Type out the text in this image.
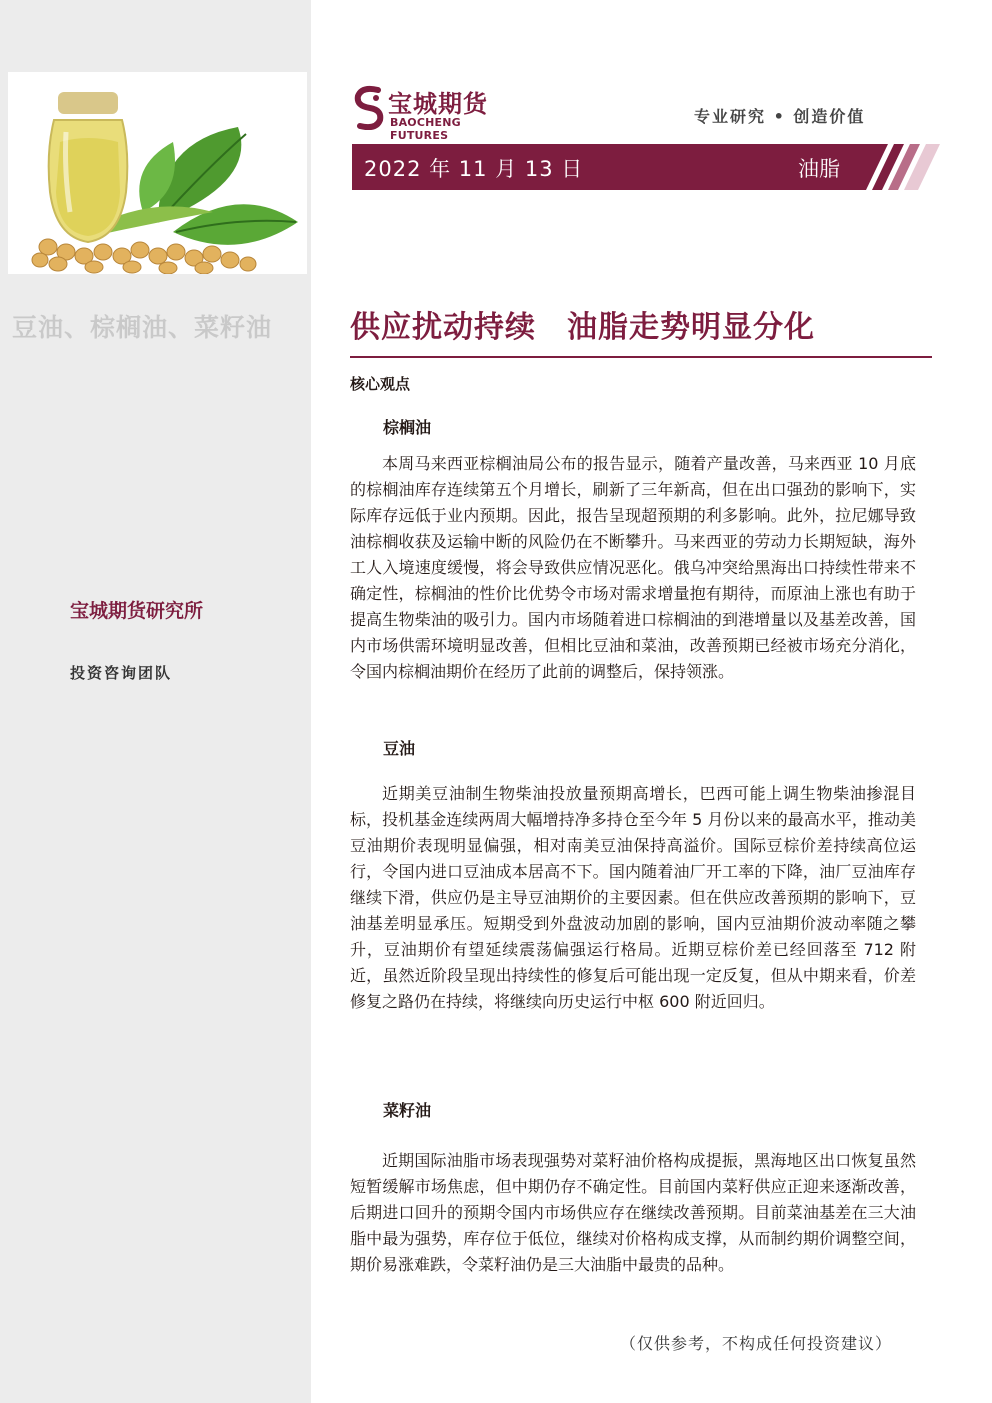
豆油、棕榈油、菜籽油
宝城期货研究所
投资咨询团队
宝城期货
BAOCHENG FUTURES
专业研究 • 创造价值
2022 年 11 月 13 日	油脂
供应扰动持续　油脂走势明显分化
核心观点
棕榈油

本周马来西亚棕榈油局公布的报告显示，随着产量改善，马来西亚 10 月底的棕榈油库存连续第五个月增长，刷新了三年新高，但在出口强劲的影响下，实际库存远低于业内预期。因此，报告呈现超预期的利多影响。此外，拉尼娜导致油棕榈收获及运输中断的风险仍在不断攀升。马来西亚的劳动力长期短缺，海外工人入境速度缓慢，将会导致供应情况恶化。俄乌冲突给黑海出口持续性带来不确定性，棕榈油的性价比优势令市场对需求增量抱有期待，而原油上涨也有助于提高生物柴油的吸引力。国内市场随着进口棕榈油的到港增量以及基差改善，国内市场供需环境明显改善，但相比豆油和菜油，改善预期已经被市场充分消化，令国内棕榈油期价在经历了此前的调整后，保持领涨。

豆油

近期美豆油制生物柴油投放量预期高增长，巴西可能上调生物柴油掺混目标，投机基金连续两周大幅增持净多持仓至今年 5 月份以来的最高水平，推动美豆油期价表现明显偏强，相对南美豆油保持高溢价。国际豆棕价差持续高位运行，令国内进口豆油成本居高不下。国内随着油厂开工率的下降，油厂豆油库存继续下滑，供应仍是主导豆油期价的主要因素。但在供应改善预期的影响下，豆油基差明显承压。短期受到外盘波动加剧的影响，国内豆油期价波动率随之攀升，豆油期价有望延续震荡偏强运行格局。近期豆棕价差已经回落至 712 附近，虽然近阶段呈现出持续性的修复后可能出现一定反复，但从中期来看，价差修复之路仍在持续，将继续向历史运行中枢 600 附近回归。

菜籽油

近期国际油脂市场表现强势对菜籽油价格构成提振，黑海地区出口恢复虽然短暂缓解市场焦虑，但中期仍存不确定性。目前国内菜籽供应正迎来逐渐改善，后期进口回升的预期令国内市场供应存在继续改善预期。目前菜油基差在三大油脂中最为强势，库存位于低位，继续对价格构成支撑，从而制约期价调整空间，期价易涨难跌，令菜籽油仍是三大油脂中最贵的品种。

（仅供参考，不构成任何投资建议）
